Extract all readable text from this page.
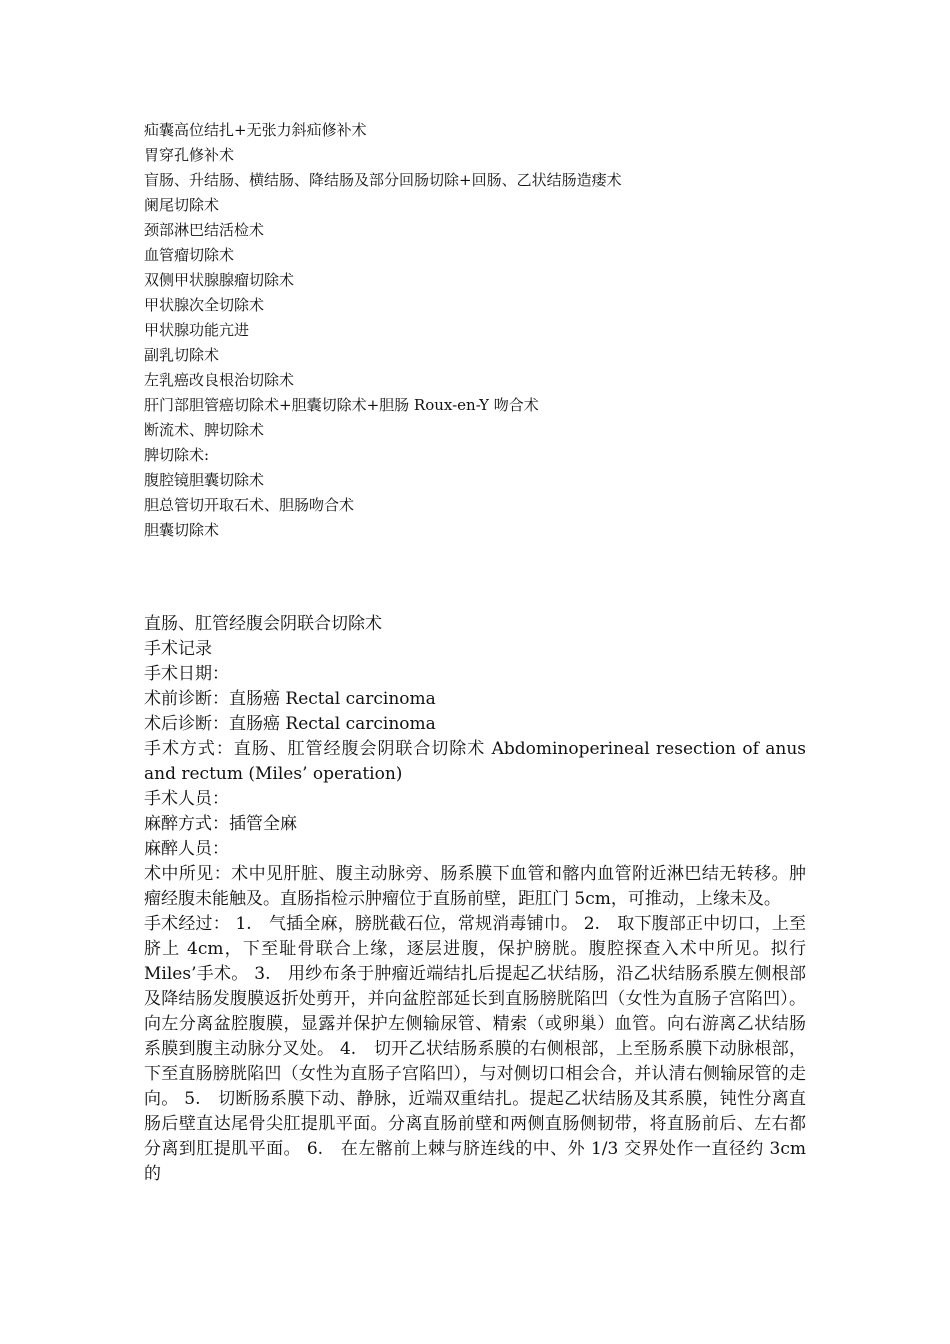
疝囊高位结扎+无张力斜疝修补术
胃穿孔修补术
盲肠、升结肠、横结肠、降结肠及部分回肠切除+回肠、乙状结肠造瘘术
阑尾切除术
颈部淋巴结活检术
血管瘤切除术
双侧甲状腺腺瘤切除术
甲状腺次全切除术
甲状腺功能亢进
副乳切除术
左乳癌改良根治切除术
肝门部胆管癌切除术+胆囊切除术+胆肠 Roux-en-Y 吻合术
断流术、脾切除术
脾切除术:
腹腔镜胆囊切除术
胆总管切开取石术、胆肠吻合术
胆囊切除术

直肠、肛管经腹会阴联合切除术

手术记录

手术日期：

术前诊断：直肠癌 Rectal carcinoma

术后诊断：直肠癌 Rectal carcinoma

手术方式：直肠、肛管经腹会阴联合切除术 Abdominoperineal resection of anus and rectum (Miles’ operation)

手术人员：

麻醉方式：插管全麻

麻醉人员：

术中所见：术中见肝脏、腹主动脉旁、肠系膜下血管和髂内血管附近淋巴结无转移。肿瘤经腹未能触及。直肠指检示肿瘤位于直肠前壁，距肛门 5cm，可推动，上缘未及。

手术经过： 1.　气插全麻，膀胱截石位，常规消毒铺巾。 2.　取下腹部正中切口，上至脐上 4cm，下至耻骨联合上缘，逐层进腹，保护膀胱。腹腔探查入术中所见。拟行 Miles’手术。 3.　用纱布条于肿瘤近端结扎后提起乙状结肠，沿乙状结肠系膜左侧根部及降结肠发腹膜返折处剪开，并向盆腔部延长到直肠膀胱陷凹（女性为直肠子宫陷凹）。向左分离盆腔腹膜，显露并保护左侧输尿管、精索（或卵巢）血管。向右游离乙状结肠系膜到腹主动脉分叉处。 4.　切开乙状结肠系膜的右侧根部，上至肠系膜下动脉根部，下至直肠膀胱陷凹（女性为直肠子宫陷凹），与对侧切口相会合，并认清右侧输尿管的走向。 5.　切断肠系膜下动、静脉，近端双重结扎。提起乙状结肠及其系膜，钝性分离直肠后壁直达尾骨尖肛提肌平面。分离直肠前壁和两侧直肠侧韧带，将直肠前后、左右都分离到肛提肌平面。 6.　在左髂前上棘与脐连线的中、外 1/3 交界处作一直径约 3cm 的
